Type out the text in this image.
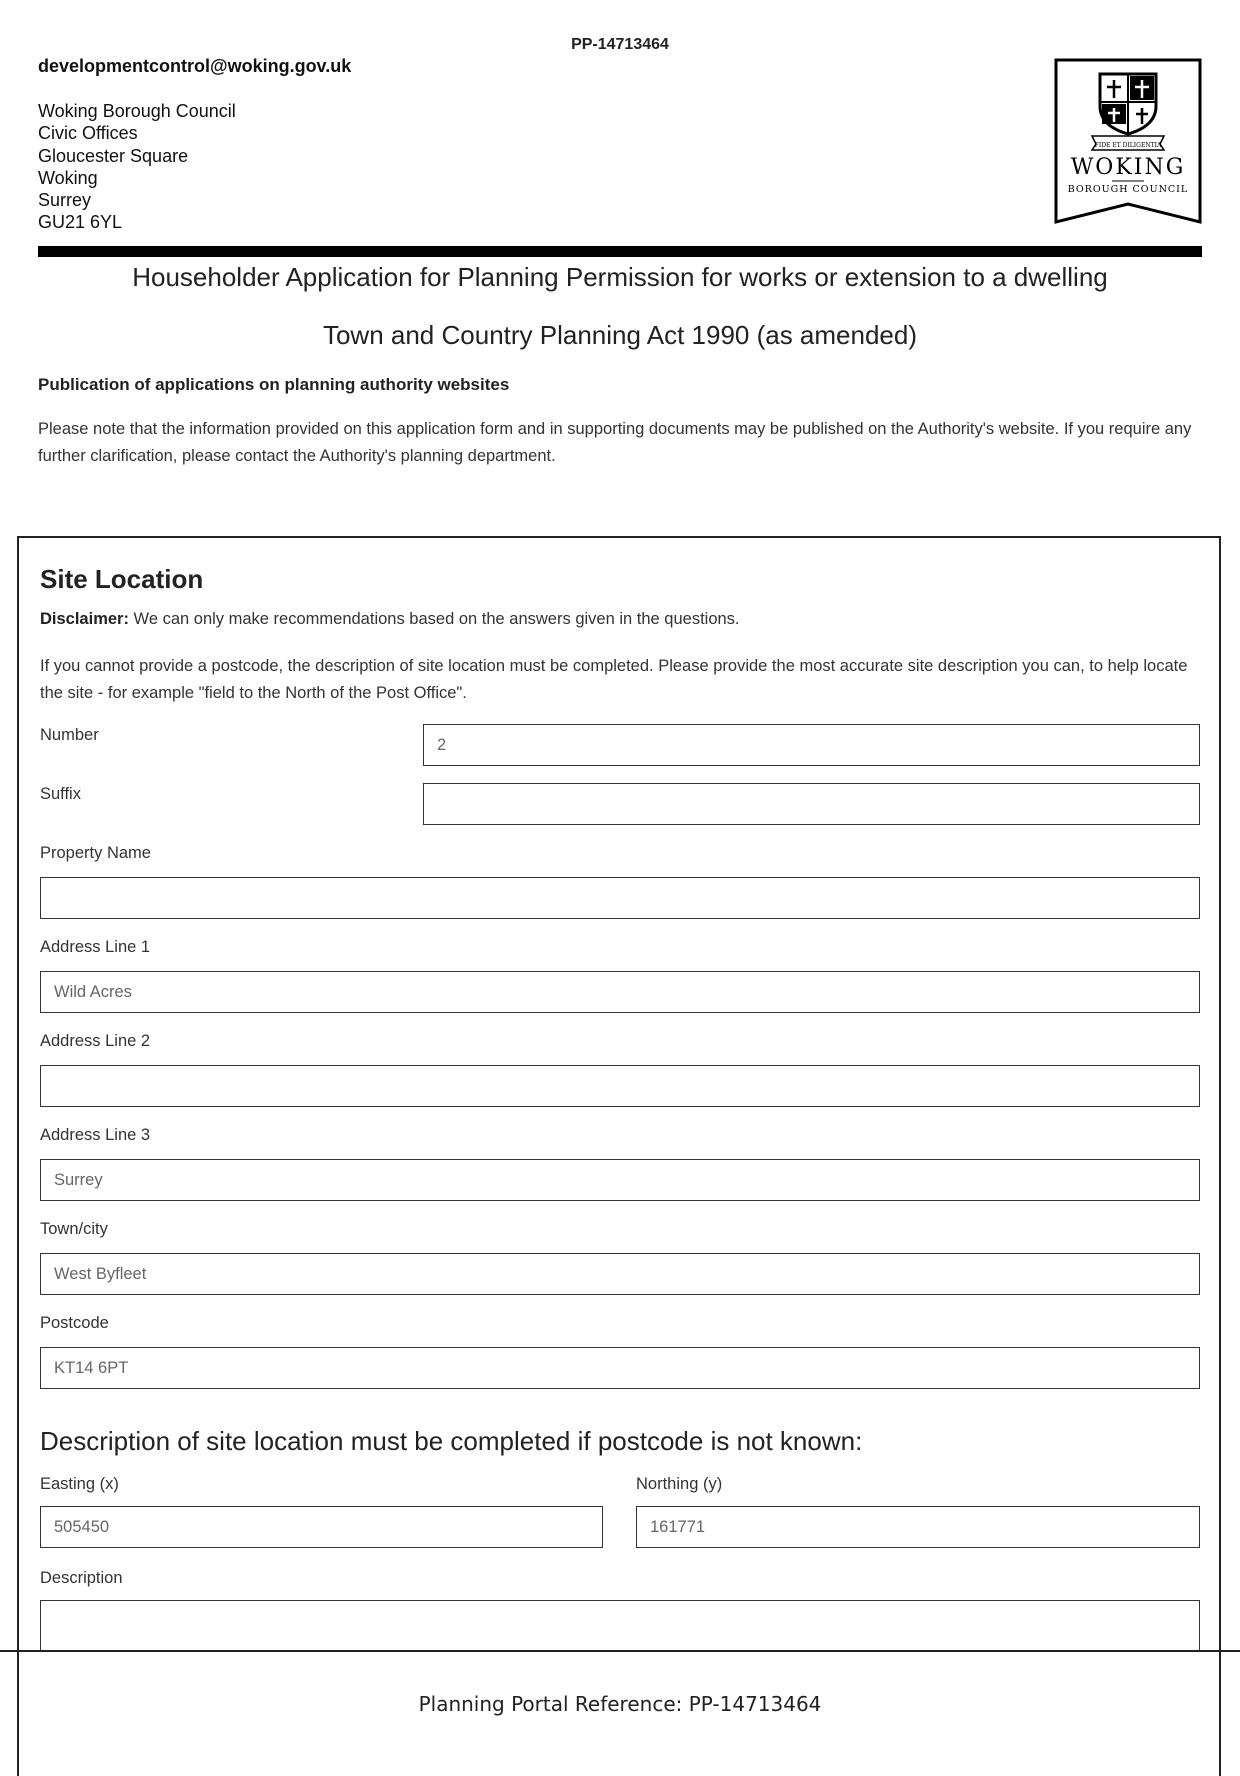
PP-14713464
developmentcontrol@woking.gov.uk
Woking Borough Council
Civic Offices
Gloucester Square
Woking
Surrey
GU21 6YL
FIDE ET DILIGENTIA
WOKING
BOROUGH COUNCIL
Householder Application for Planning Permission for works or extension to a dwelling
Town and Country Planning Act 1990 (as amended)
Publication of applications on planning authority websites
Please note that the information provided on this application form and in supporting documents may be published on the Authority's website. If you require any further clarification, please contact the Authority's planning department.
Site Location
Disclaimer: We can only make recommendations based on the answers given in the questions.
If you cannot provide a postcode, the description of site location must be completed. Please provide the most accurate site description you can, to help locate the site - for example "field to the North of the Post Office".
Number
2
Suffix
Property Name
Address Line 1
Wild Acres
Address Line 2
Address Line 3
Surrey
Town/city
West Byfleet
Postcode
KT14 6PT
Description of site location must be completed if postcode is not known:
Easting (x)
505450	Northing (y)
161771
Description
Planning Portal Reference: PP-14713464
